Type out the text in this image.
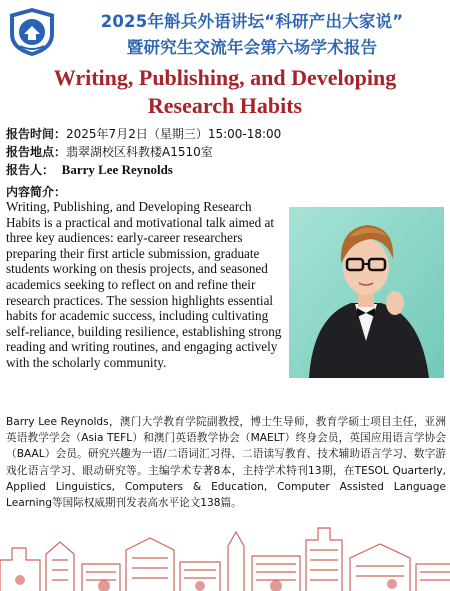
2025年斛兵外语讲坛“科研产出大家说”
暨研究生交流年会第六场学术报告
Writing, Publishing, and Developing
Research Habits
报告时间：2025年7月2日（星期三）15:00-18:00
报告地点：翡翠湖校区科教楼A1510室
报告人： Barry Lee Reynolds
内容简介：
Writing, Publishing, and Developing Research Habits is a practical and motivational talk aimed at three key audiences: early-career researchers preparing their first article submission, graduate students working on thesis projects, and seasoned academics seeking to reflect on and refine their research practices. The session highlights essential habits for academic success, including cultivating self-reliance, building resilience, establishing strong reading and writing routines, and engaging actively with the scholarly community.
Barry Lee Reynolds，澳门大学教育学院副教授，博士生导师，教育学硕士项目主任，亚洲英语教学学会（Asia TEFL）和澳门英语教学协会（MAELT）终身会员，英国应用语言学协会（BAAL）会员。研究兴趣为一语/二语词汇习得、二语读写教育、技术辅助语言学习、数字游戏化语言学习、眼动研究等。主编学术专著8本，主持学术特刊13期，在TESOL Quarterly, Applied Linguistics, Computers & Education, Computer Assisted Language Learning等国际权威期刊发表高水平论文138篇。
